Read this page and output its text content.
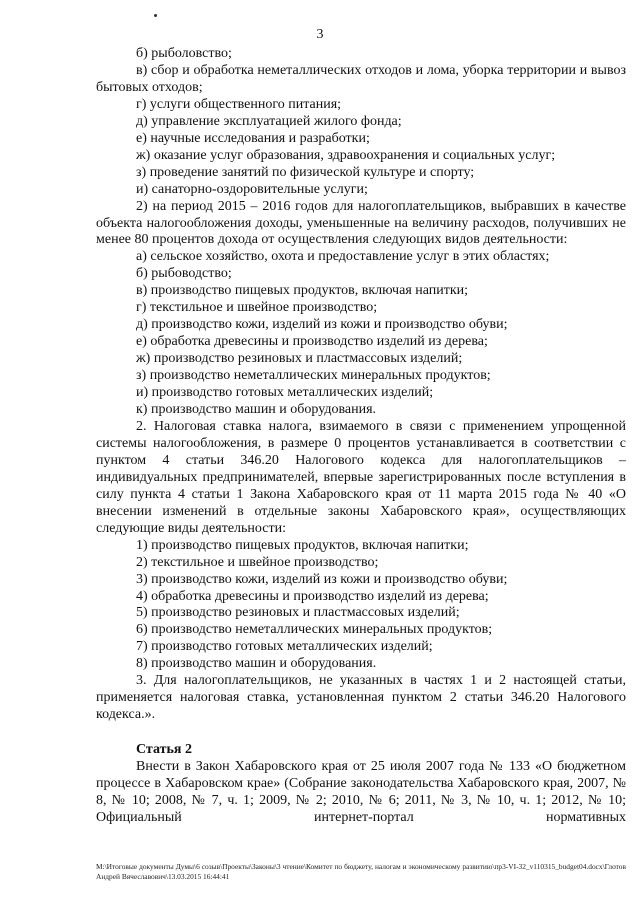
3

б) рыболовство;

в) сбор и обработка неметаллических отходов и лома, уборка территории и вывоз бытовых отходов;

г) услуги общественного питания;

д) управление эксплуатацией жилого фонда;

е) научные исследования и разработки;

ж) оказание услуг образования, здравоохранения и социальных услуг;

з) проведение занятий по физической культуре и спорту;

и) санаторно-оздоровительные услуги;

2) на период 2015 – 2016 годов для налогоплательщиков, выбравших в качестве объекта налогообложения доходы, уменьшенные на величину расходов, получивших не менее 80 процентов дохода от осуществления следующих видов деятельности:

а) сельское хозяйство, охота и предоставление услуг в этих областях;

б) рыбоводство;

в) производство пищевых продуктов, включая напитки;

г) текстильное и швейное производство;

д) производство кожи, изделий из кожи и производство обуви;

е) обработка древесины и производство изделий из дерева;

ж) производство резиновых и пластмассовых изделий;

з) производство неметаллических минеральных продуктов;

и) производство готовых металлических изделий;

к) производство машин и оборудования.

2. Налоговая ставка налога, взимаемого в связи с применением упрощенной системы налогообложения, в размере 0 процентов устанавливается в соответствии с пунктом 4 статьи 346.20 Налогового кодекса для налогоплательщиков – индивидуальных предпринимателей, впервые зарегистрированных после вступления в силу пункта 4 статьи 1 Закона Хабаровского края от 11 марта 2015 года № 40 «О внесении изменений в отдельные законы Хабаровского края», осуществляющих следующие виды деятельности:

1) производство пищевых продуктов, включая напитки;

2) текстильное и швейное производство;

3) производство кожи, изделий из кожи и производство обуви;

4) обработка древесины и производство изделий из дерева;

5) производство резиновых и пластмассовых изделий;

6) производство неметаллических минеральных продуктов;

7) производство готовых металлических изделий;

8) производство машин и оборудования.

3. Для налогоплательщиков, не указанных в частях 1 и 2 настоящей статьи, применяется налоговая ставка, установленная пунктом 2 статьи 346.20 Налогового кодекса.».

Статья 2

Внести в Закон Хабаровского края от 25 июля 2007 года № 133 «О бюджетном процессе в Хабаровском крае» (Собрание законодательства Хабаровского края, 2007, № 8, № 10; 2008, № 7, ч. 1; 2009, № 2; 2010, № 6; 2011, № 3, № 10, ч. 1; 2012, № 10; Официальный интернет-портал нормативных

M:\Итоговые документы Думы\6 созыв\Проекты\Законы\3 чтение\Комитет по бюджету, налогам и экономическому развитию\пр3-VI-32_v110315_budget04.docx\Глотов Андрей Вячеславович\13.03.2015 16:44:41
